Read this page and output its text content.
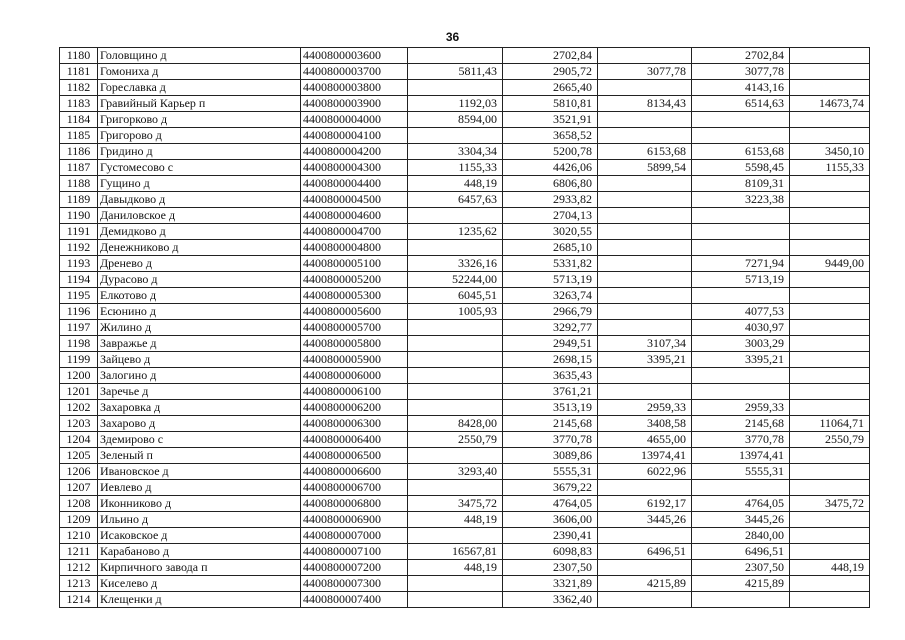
36
1180	Головщино д	4400800003600		2702,84		2702,84	
1181	Гомониха д	4400800003700	5811,43	2905,72	3077,78	3077,78	
1182	Гореславка д	4400800003800		2665,40		4143,16	
1183	Гравийный Карьер п	4400800003900	1192,03	5810,81	8134,43	6514,63	14673,74
1184	Григорково д	4400800004000	8594,00	3521,91			
1185	Григорово д	4400800004100		3658,52			
1186	Гридино д	4400800004200	3304,34	5200,78	6153,68	6153,68	3450,10
1187	Густомесово с	4400800004300	1155,33	4426,06	5899,54	5598,45	1155,33
1188	Гущино д	4400800004400	448,19	6806,80		8109,31	
1189	Давыдково д	4400800004500	6457,63	2933,82		3223,38	
1190	Даниловское д	4400800004600		2704,13			
1191	Демидково д	4400800004700	1235,62	3020,55			
1192	Денежниково д	4400800004800		2685,10			
1193	Дренево д	4400800005100	3326,16	5331,82		7271,94	9449,00
1194	Дурасово д	4400800005200	52244,00	5713,19		5713,19	
1195	Елкотово д	4400800005300	6045,51	3263,74			
1196	Есюнино д	4400800005600	1005,93	2966,79		4077,53	
1197	Жилино д	4400800005700		3292,77		4030,97	
1198	Завражье д	4400800005800		2949,51	3107,34	3003,29	
1199	Зайцево д	4400800005900		2698,15	3395,21	3395,21	
1200	Залогино д	4400800006000		3635,43			
1201	Заречье д	4400800006100		3761,21			
1202	Захаровка д	4400800006200		3513,19	2959,33	2959,33	
1203	Захарово д	4400800006300	8428,00	2145,68	3408,58	2145,68	11064,71
1204	Здемирово с	4400800006400	2550,79	3770,78	4655,00	3770,78	2550,79
1205	Зеленый п	4400800006500		3089,86	13974,41	13974,41	
1206	Ивановское д	4400800006600	3293,40	5555,31	6022,96	5555,31	
1207	Иевлево д	4400800006700		3679,22			
1208	Иконниково д	4400800006800	3475,72	4764,05	6192,17	4764,05	3475,72
1209	Ильино д	4400800006900	448,19	3606,00	3445,26	3445,26	
1210	Исаковское д	4400800007000		2390,41		2840,00	
1211	Карабаново д	4400800007100	16567,81	6098,83	6496,51	6496,51	
1212	Кирпичного завода п	4400800007200	448,19	2307,50		2307,50	448,19
1213	Киселево д	4400800007300		3321,89	4215,89	4215,89	
1214	Клещенки д	4400800007400		3362,40			
